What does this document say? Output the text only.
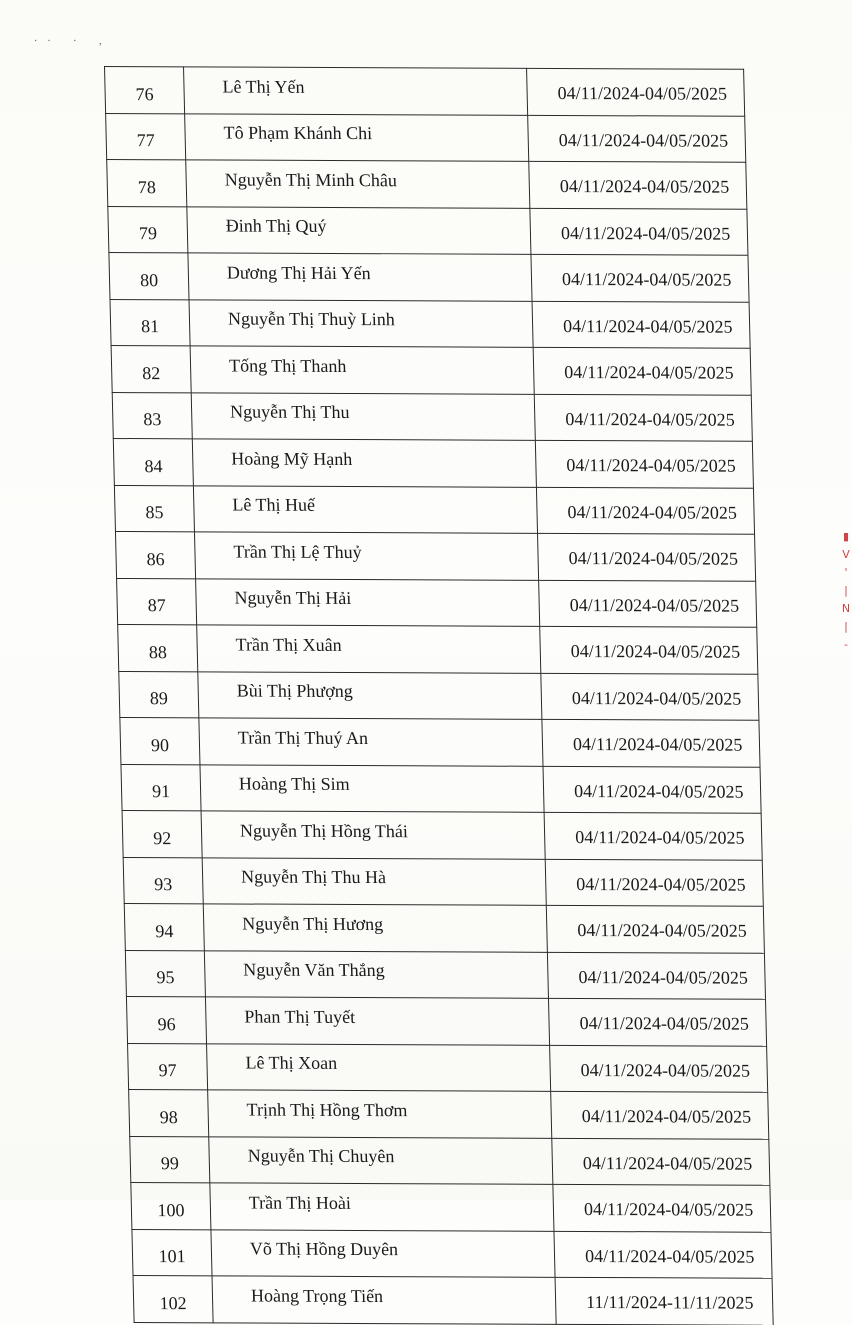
·· · ,
76	Lê Thị Yến	04/11/2024-04/05/2025
77	Tô Phạm Khánh Chi	04/11/2024-04/05/2025
78	Nguyễn Thị Minh Châu	04/11/2024-04/05/2025
79	Đinh Thị Quý	04/11/2024-04/05/2025
80	Dương Thị Hải Yến	04/11/2024-04/05/2025
81	Nguyễn Thị Thuỳ Linh	04/11/2024-04/05/2025
82	Tống Thị Thanh	04/11/2024-04/05/2025
83	Nguyễn Thị Thu	04/11/2024-04/05/2025
84	Hoàng Mỹ Hạnh	04/11/2024-04/05/2025
85	Lê Thị Huế	04/11/2024-04/05/2025
86	Trần Thị Lệ Thuỷ	04/11/2024-04/05/2025
87	Nguyễn Thị Hải	04/11/2024-04/05/2025
88	Trần Thị Xuân	04/11/2024-04/05/2025
89	Bùi Thị Phượng	04/11/2024-04/05/2025
90	Trần Thị Thuý An	04/11/2024-04/05/2025
91	Hoàng Thị Sim	04/11/2024-04/05/2025
92	Nguyễn Thị Hồng Thái	04/11/2024-04/05/2025
93	Nguyễn Thị Thu Hà	04/11/2024-04/05/2025
94	Nguyễn Thị Hương	04/11/2024-04/05/2025
95	Nguyễn Văn Thắng	04/11/2024-04/05/2025
96	Phan Thị Tuyết	04/11/2024-04/05/2025
97	Lê Thị Xoan	04/11/2024-04/05/2025
98	Trịnh Thị Hồng Thơm	04/11/2024-04/05/2025
99	Nguyễn Thị Chuyên	04/11/2024-04/05/2025
100	Trần Thị Hoài	04/11/2024-04/05/2025
101	Võ Thị Hồng Duyên	04/11/2024-04/05/2025
102	Hoàng Trọng Tiến	11/11/2024-11/11/2025
▮
V
'
|
Ν
|
-
